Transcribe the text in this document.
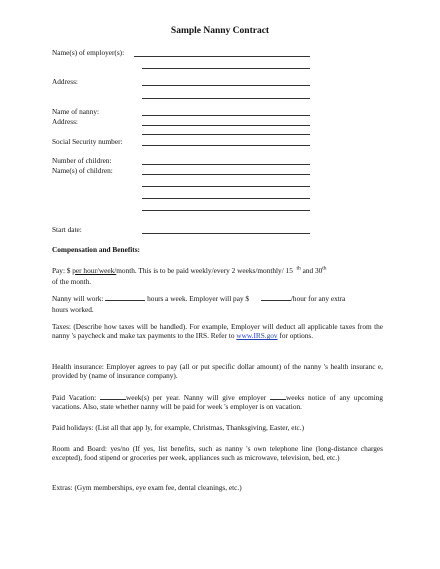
Sample Nanny Contract
Name(s) of employer(s):
Address:
Name of nanny:
Address:
Social Security number:
Number of children:
Name(s) of children:
Start date:
Compensation and Benefits:
Pay: $ per hour/week/month. This is to be paid weekly/every 2 weeks/monthly/ 15 $^{th}$ and 30th
of the month.
Nanny will work:	hours a week. Employer will pay $	/hour for any extra
hours worked.
Taxes: (Describe how taxes will be handled). For example, Employer will deduct all applicable taxes from the nanny 's paycheck and make tax payments to the IRS. Refer to www.IRS.gov for options.
Health insurance: Employer agrees to pay (all or put specific dollar amount) of the nanny 's health insuranc e, provided by (name of insurance company).
Paid Vacation:	week(s) per year. Nanny will give employer	weeks notice of any upcoming vacations. Also, state whether nanny will be paid for week 's employer is on vacation.
Paid holidays: (List all that app ly, for example, Christmas, Thanksgiving, Easter, etc.)
Room and Board: yes/no (If yes, list benefits, such as nanny 's own telephone line (long-distance charges excepted), food stipend or groceries per week, appliances such as microwave, television, bed, etc.)
Extras: (Gym memberships, eye exam fee, dental cleanings, etc.)
